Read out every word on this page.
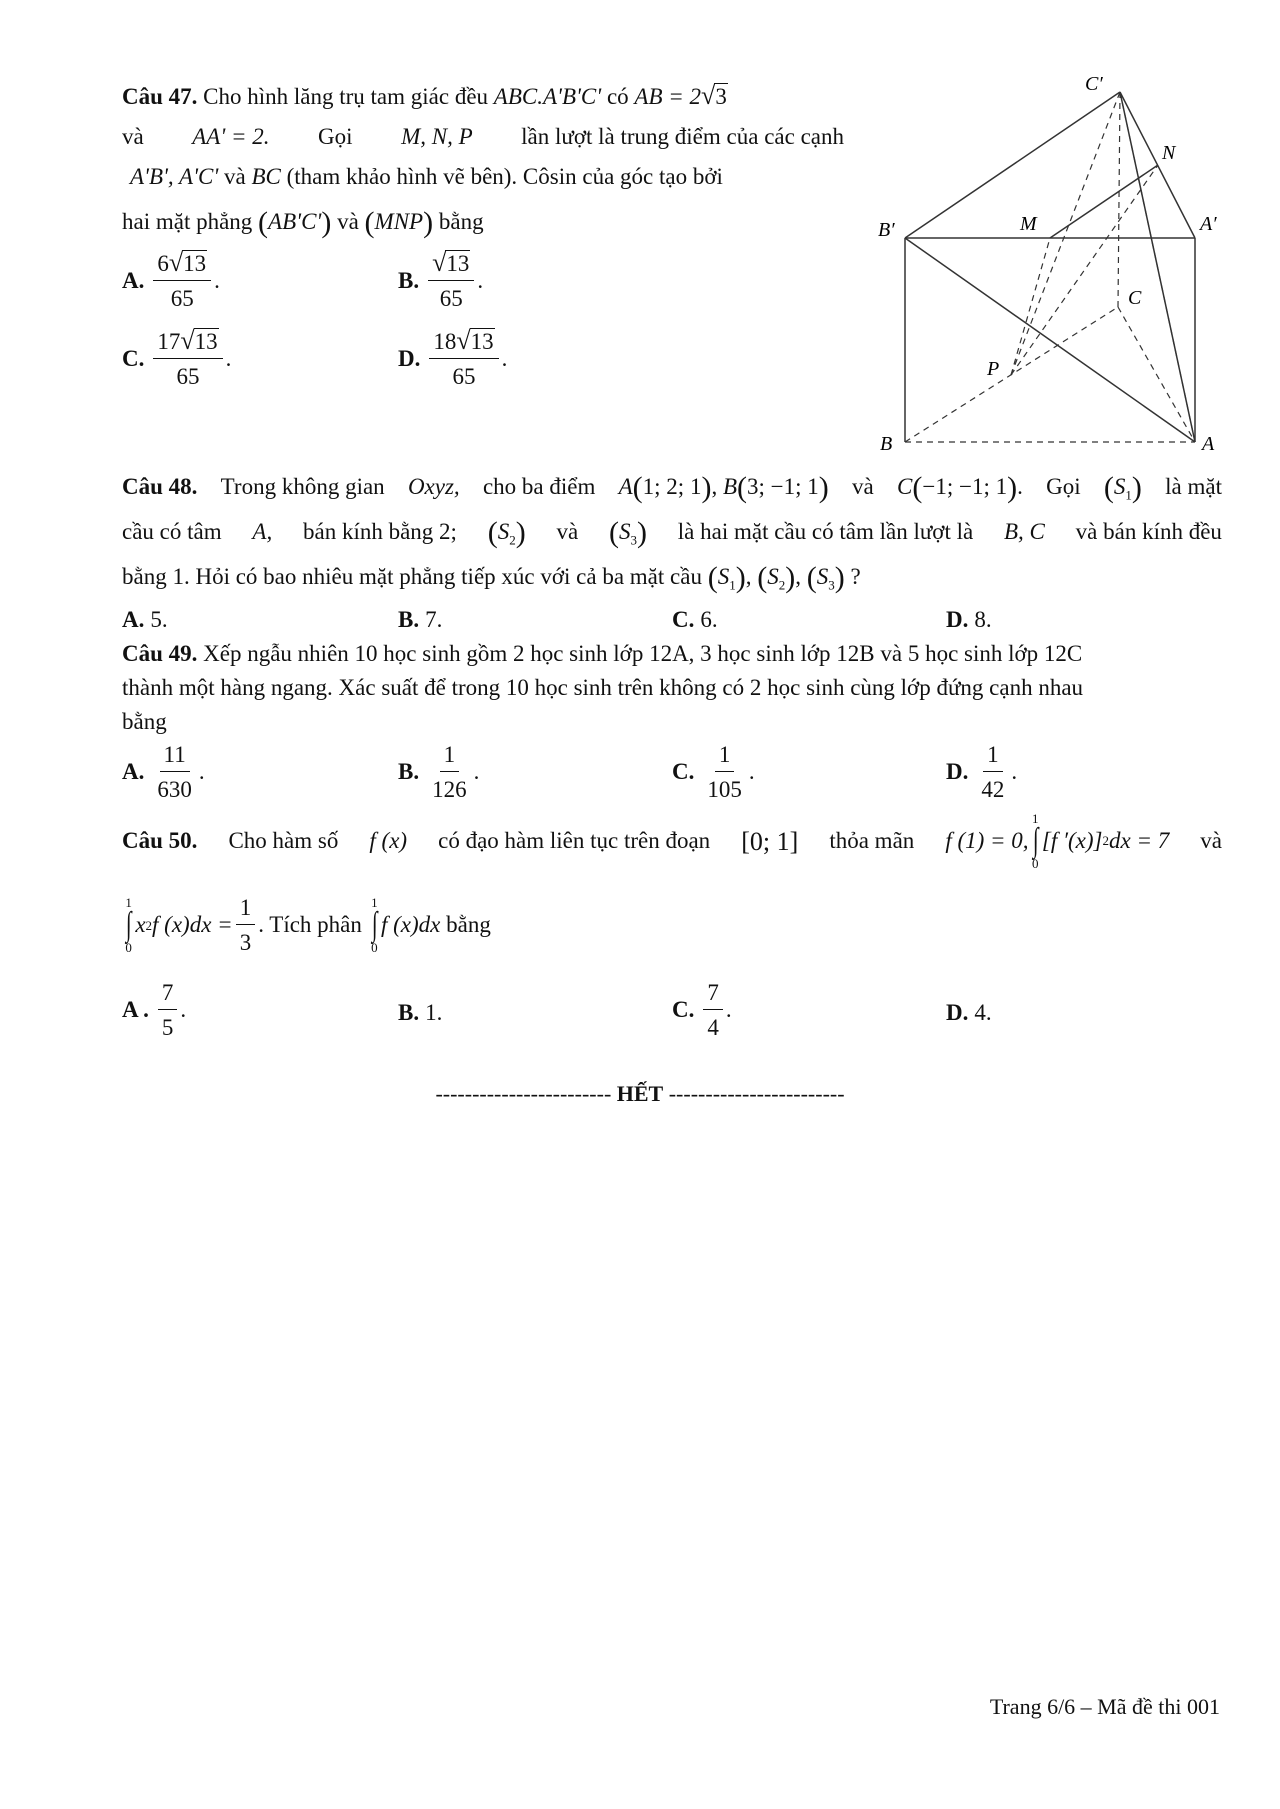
Câu 47. Cho hình lăng trụ tam giác đều ABC.A'B'C' có AB = 2 √ 3
và AA' = 2. Gọi M, N, P lần lượt là trung điểm của các cạnh
A'B', A'C' và BC (tham khảo hình vẽ bên). Côsin của góc tạo bởi
hai mặt phẳng (AB'C') và (MNP) bằng
A. $\frac{6 √ 13}{65}$ .	B. $\frac{√ 13}{65}$ .
C. $\frac{17 √ 13}{65}$ .	D. $\frac{18 √ 13}{65}$ .
C′
N
B′	M	A′
C
P
B	A
Câu 48. Trong không gian Oxyz, cho ba điểm A(1; 2; 1), B(3; −1; 1) và C(−1; −1; 1). Gọi $(S_1)$ là mặt
cầu có tâm A, bán kính bằng 2; $(S_2)$ và $(S_3)$ là hai mặt cầu có tâm lần lượt là B, C và bán kính đều
bằng 1. Hỏi có bao nhiêu mặt phẳng tiếp xúc với cả ba mặt cầu $(S_1)$, $(S_2)$, $(S_3)$ ?
A. 5.	B. 7.	C. 6.	D. 8.
Câu 49. Xếp ngẫu nhiên 10 học sinh gồm 2 học sinh lớp 12A, 3 học sinh lớp 12B và 5 học sinh lớp 12C
thành một hàng ngang. Xác suất để trong 10 học sinh trên không có 2 học sinh cùng lớp đứng cạnh nhau
bằng
A. $\frac{11}{630}$ .	B. $\frac{1}{126}$ .	C. $\frac{1}{105}$ .	D. $\frac{1}{42}$ .
Câu 50. Cho hàm số f (x) có đạo hàm liên tục trên đoạn [0; 1] thỏa mãn f (1) = 0,
1
∫
0
[f ′(x)] 2 dx = 7 và
1
∫
0
x 2 f $(x)dx = \frac{1}{3}$ . Tích phân

1
∫
0
f (x)dx
bằng
A . $\frac{7}{5}$ .	B. 1.	C. $\frac{7}{4}$ .	D. 4.
------------------------ HẾT ------------------------
Trang 6/6 – Mã đề thi 001
